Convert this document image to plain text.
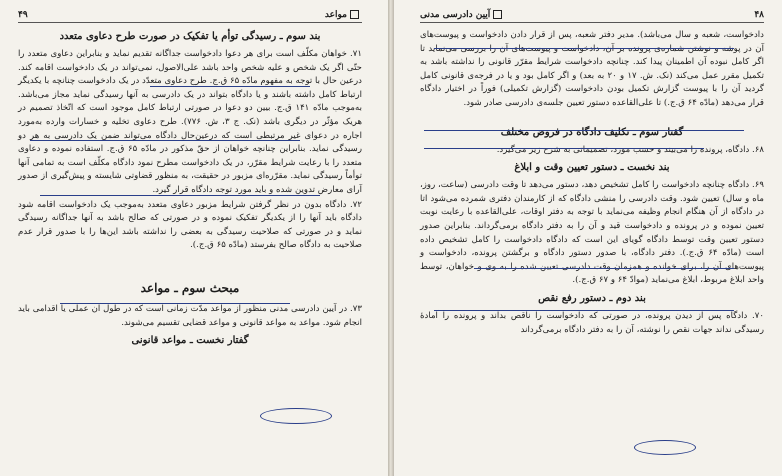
مواعد
۴۹
بند سوم ـ رسیدگی توأم یا تفکیک در صورت طرح دعاوی متعدد

۷۱. خواهان مکلّف است برای هر دعوا دادخواست جداگانه تقدیم نماید و بنابراین دعاوی متعدد را حتّی اگر یک شخص و علیه شخص واحد باشد علی‌الاصول، نمی‌تواند در یک دادخواست اقامه کند. درعین حال با توجه به مفهوم مادّه ۶۵ ق.ج. طرح دعاوی متعدّد در یک دادخواست چنانچه با یکدیگر ارتباط کامل داشته باشند و یا دادگاه بتواند در یک دادرسی به آنها رسیدگی نماید مجاز می‌باشد. به‌موجب مادّه ۱۴۱ ق.ج. بیین دو دعوا در صورتی ارتباط کامل موجود است که اتّخاذ تصمیم در هریک مؤثّر در دیگری باشد (نک. ج ۳، ش. ۷۷۶). طرح دعاوی تخلیه و خسارات وارده به‌مورد اجاره در دعوای غیر مرتبطی است که درعین‌حال دادگاه می‌تواند ضمن یک دادرسی به هر دو رسیدگی نماید. بنابراین چنانچه خواهان از حقّ مذکور در مادّه ۶۵ ق.ج. استفاده نموده و دعاوی متعدد را با رعایت شرایط مقرّر، در یک دادخواست مطرح نمود دادگاه مکلّف است به تمامی آنها توأماً رسیدگی نماید. مقرّره‌ای مزبور در حقیقت، به منظور قضاوتی شایسته و پیش‌گیری از صدور آرای معارض تدوین شده و باید مورد توجه دادگاه قرار گیرد.

۷۲. دادگاه بدون در نظر گرفتن شرایط مزبور دعاوی متعدد به‌موجب یک دادخواست اقامه شود دادگاه باید آنها را از یکدیگر تفکیک نموده و در صورتی که صالح باشد به آنها جداگانه رسیدگی نماید و در صورتی که صلاحیت رسیدگی به بعضی را نداشته باشد این‌ها را با صدور قرار عدم صلاحیت به دادگاه صالح بفرستد (مادّه ۶۵ ق.ج.).

مبحث سوم ـ مواعد

۷۳. در آیین دادرسی مدنی منظور از مواعد مدّت زمانی است که در طول آن عملی یا اقدامی باید انجام شود. مواعد به مواعد قانونی و مواعد قضایی تقسیم می‌شوند.

گفتار نخست ـ مواعد قانونی
۴۸
آیین دادرسی مدنی

دادخواست، شعبه و سال می‌باشد). مدیر دفتر شعبه، پس از قرار دادن دادخواست و پیوست‌های آن در پوشه و نوشتن شماره‌ی پرونده بر آن، دادخواست و پیوست‌های آن را بررسی می‌نماید تا اگر کامل نبوده آن اطمینان پیدا کند. چنانچه دادخواست شرایط مقرّر قانونی را نداشته باشد به تکمیل مقرر عمل می‌کند (نک. ش. ۱۷ و ۲۰ به بعد) و اگر کامل بود و یا در فرجه‌ی قانونی کامل گردید آن را با پیوست گزارش تکمیل بودن دادخواست (گزارش تکمیلی) فوراً در اختیار دادگاه قرار می‌دهد (مادّه ۶۴ ق.ج.) تا علی‌القاعده دستور تعیین جلسه‌ی دادرسی صادر شود.

گفتار سوم ـ تکلیف دادگاه در فروض مختلف

۶۸. دادگاه، پرونده را می‌بیند و حسب مورد، تصمیماتی به شرح زیر می‌گیرد.

بند نخست ـ دستور تعیین وقت و ابلاغ

۶۹. دادگاه چنانچه دادخواست را کامل تشخیص دهد، دستور می‌دهد تا وقت دادرسی (ساعت، روز، ماه و سال) تعیین شود. وقت دادرسی را منشی دادگاه که از کارمندان دفتری شمرده می‌شود اتا در دادگاه از آن هنگام انجام وظیفه می‌نماید با توجه به دفتر اوقات، علی‌القاعده با رعایت نوبت تعیین نموده و در پرونده و دادخواست قید و آن را به دفتر دادگاه برمی‌گرداند. بنابراین صدور دستور تعیین وقت توسط دادگاه گویای این است که دادگاه دادخواست را کامل تشخیص داده است (مادّه ۶۴ ق.ج.). دفتر دادگاه، با صدور دستور دادگاه و برگشتن پرونده، دادخواست و پیوست‌های آن را، برای خوانده و همزمان وقت دادرسی تعیین شده را به وی و خواهان، توسط واحد ابلاغ مربوط، ابلاغ می‌نماید (موادّ ۶۴ و ۶۷ ق.ج.).

بند دوم ـ دستور رفع نقص

۷۰. دادگاه پس از دیدن پرونده، در صورتی که دادخواست را ناقص بداند و پرونده را آمادهٔ رسیدگی نداند جهات نقص را نوشته، آن را به دفتر دادگاه برمی‌گرداند
